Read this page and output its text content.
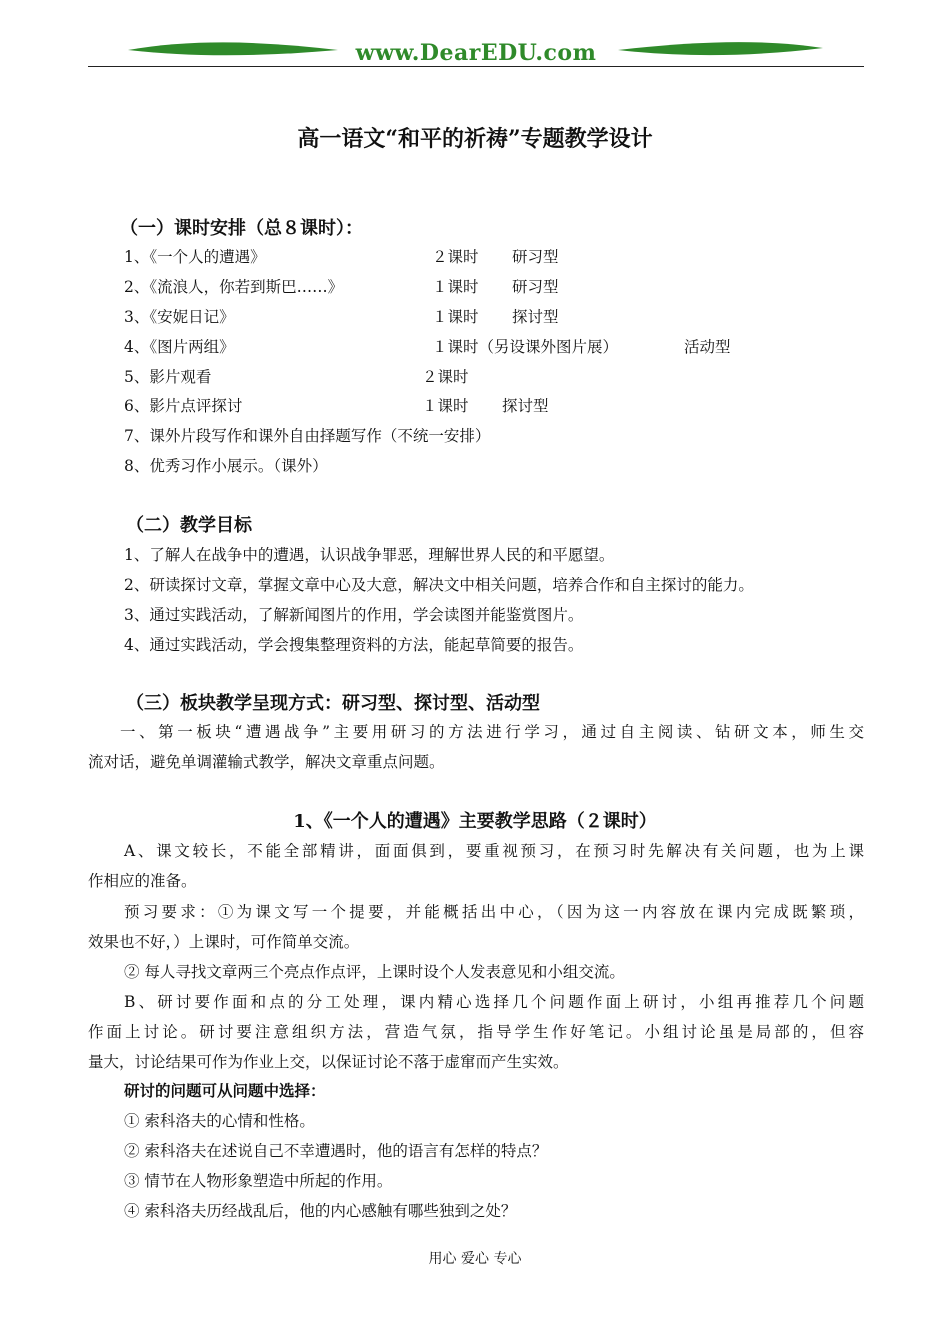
www.DearEDU.com
高一语文“和平的祈祷”专题教学设计
（一）课时安排（总８课时）：
1、《一个人的遭遇》	２课时 研习型
2、《流浪人，你若到斯巴……》	１课时 研习型
3、《安妮日记》	１课时 探讨型
4、《图片两组》	１课时（另设课外图片展）	活动型
5、影片观看	２课时
6、影片点评探讨	１课时 探讨型
7、课外片段写作和课外自由择题写作（不统一安排）
8、优秀习作小展示。（课外）
（二）教学目标
1、了解人在战争中的遭遇，认识战争罪恶，理解世界人民的和平愿望。
2、研读探讨文章，掌握文章中心及大意，解决文中相关问题，培养合作和自主探讨的能力。
3、通过实践活动，了解新闻图片的作用，学会读图并能鉴赏图片。
4、通过实践活动，学会搜集整理资料的方法，能起草简要的报告。
（三）板块教学呈现方式：研习型、探讨型、活动型
一、第一板块“遭遇战争”主要用研习的方法进行学习，通过自主阅读、钻研文本，师生交
流对话，避免单调灌输式教学，解决文章重点问题。
1、《一个人的遭遇》主要教学思路（２课时）
A、课文较长，不能全部精讲，面面俱到，要重视预习，在预习时先解决有关问题，也为上课
作相应的准备。
预习要求：①为课文写一个提要，并能概括出中心，（因为这一内容放在课内完成既繁琐，
效果也不好，）上课时，可作简单交流。
② 每人寻找文章两三个亮点作点评，上课时设个人发表意见和小组交流。
B、研讨要作面和点的分工处理，课内精心选择几个问题作面上研讨，小组再推荐几个问题
作面上讨论。研讨要注意组织方法，营造气氛，指导学生作好笔记。小组讨论虽是局部的，但容
量大，讨论结果可作为作业上交，以保证讨论不落于虚窜而产生实效。
研讨的问题可从问题中选择：
① 索科洛夫的心情和性格。
② 索科洛夫在述说自己不幸遭遇时，他的语言有怎样的特点？
③ 情节在人物形象塑造中所起的作用。
④ 索科洛夫历经战乱后，他的内心感触有哪些独到之处？
用心 爱心 专心
